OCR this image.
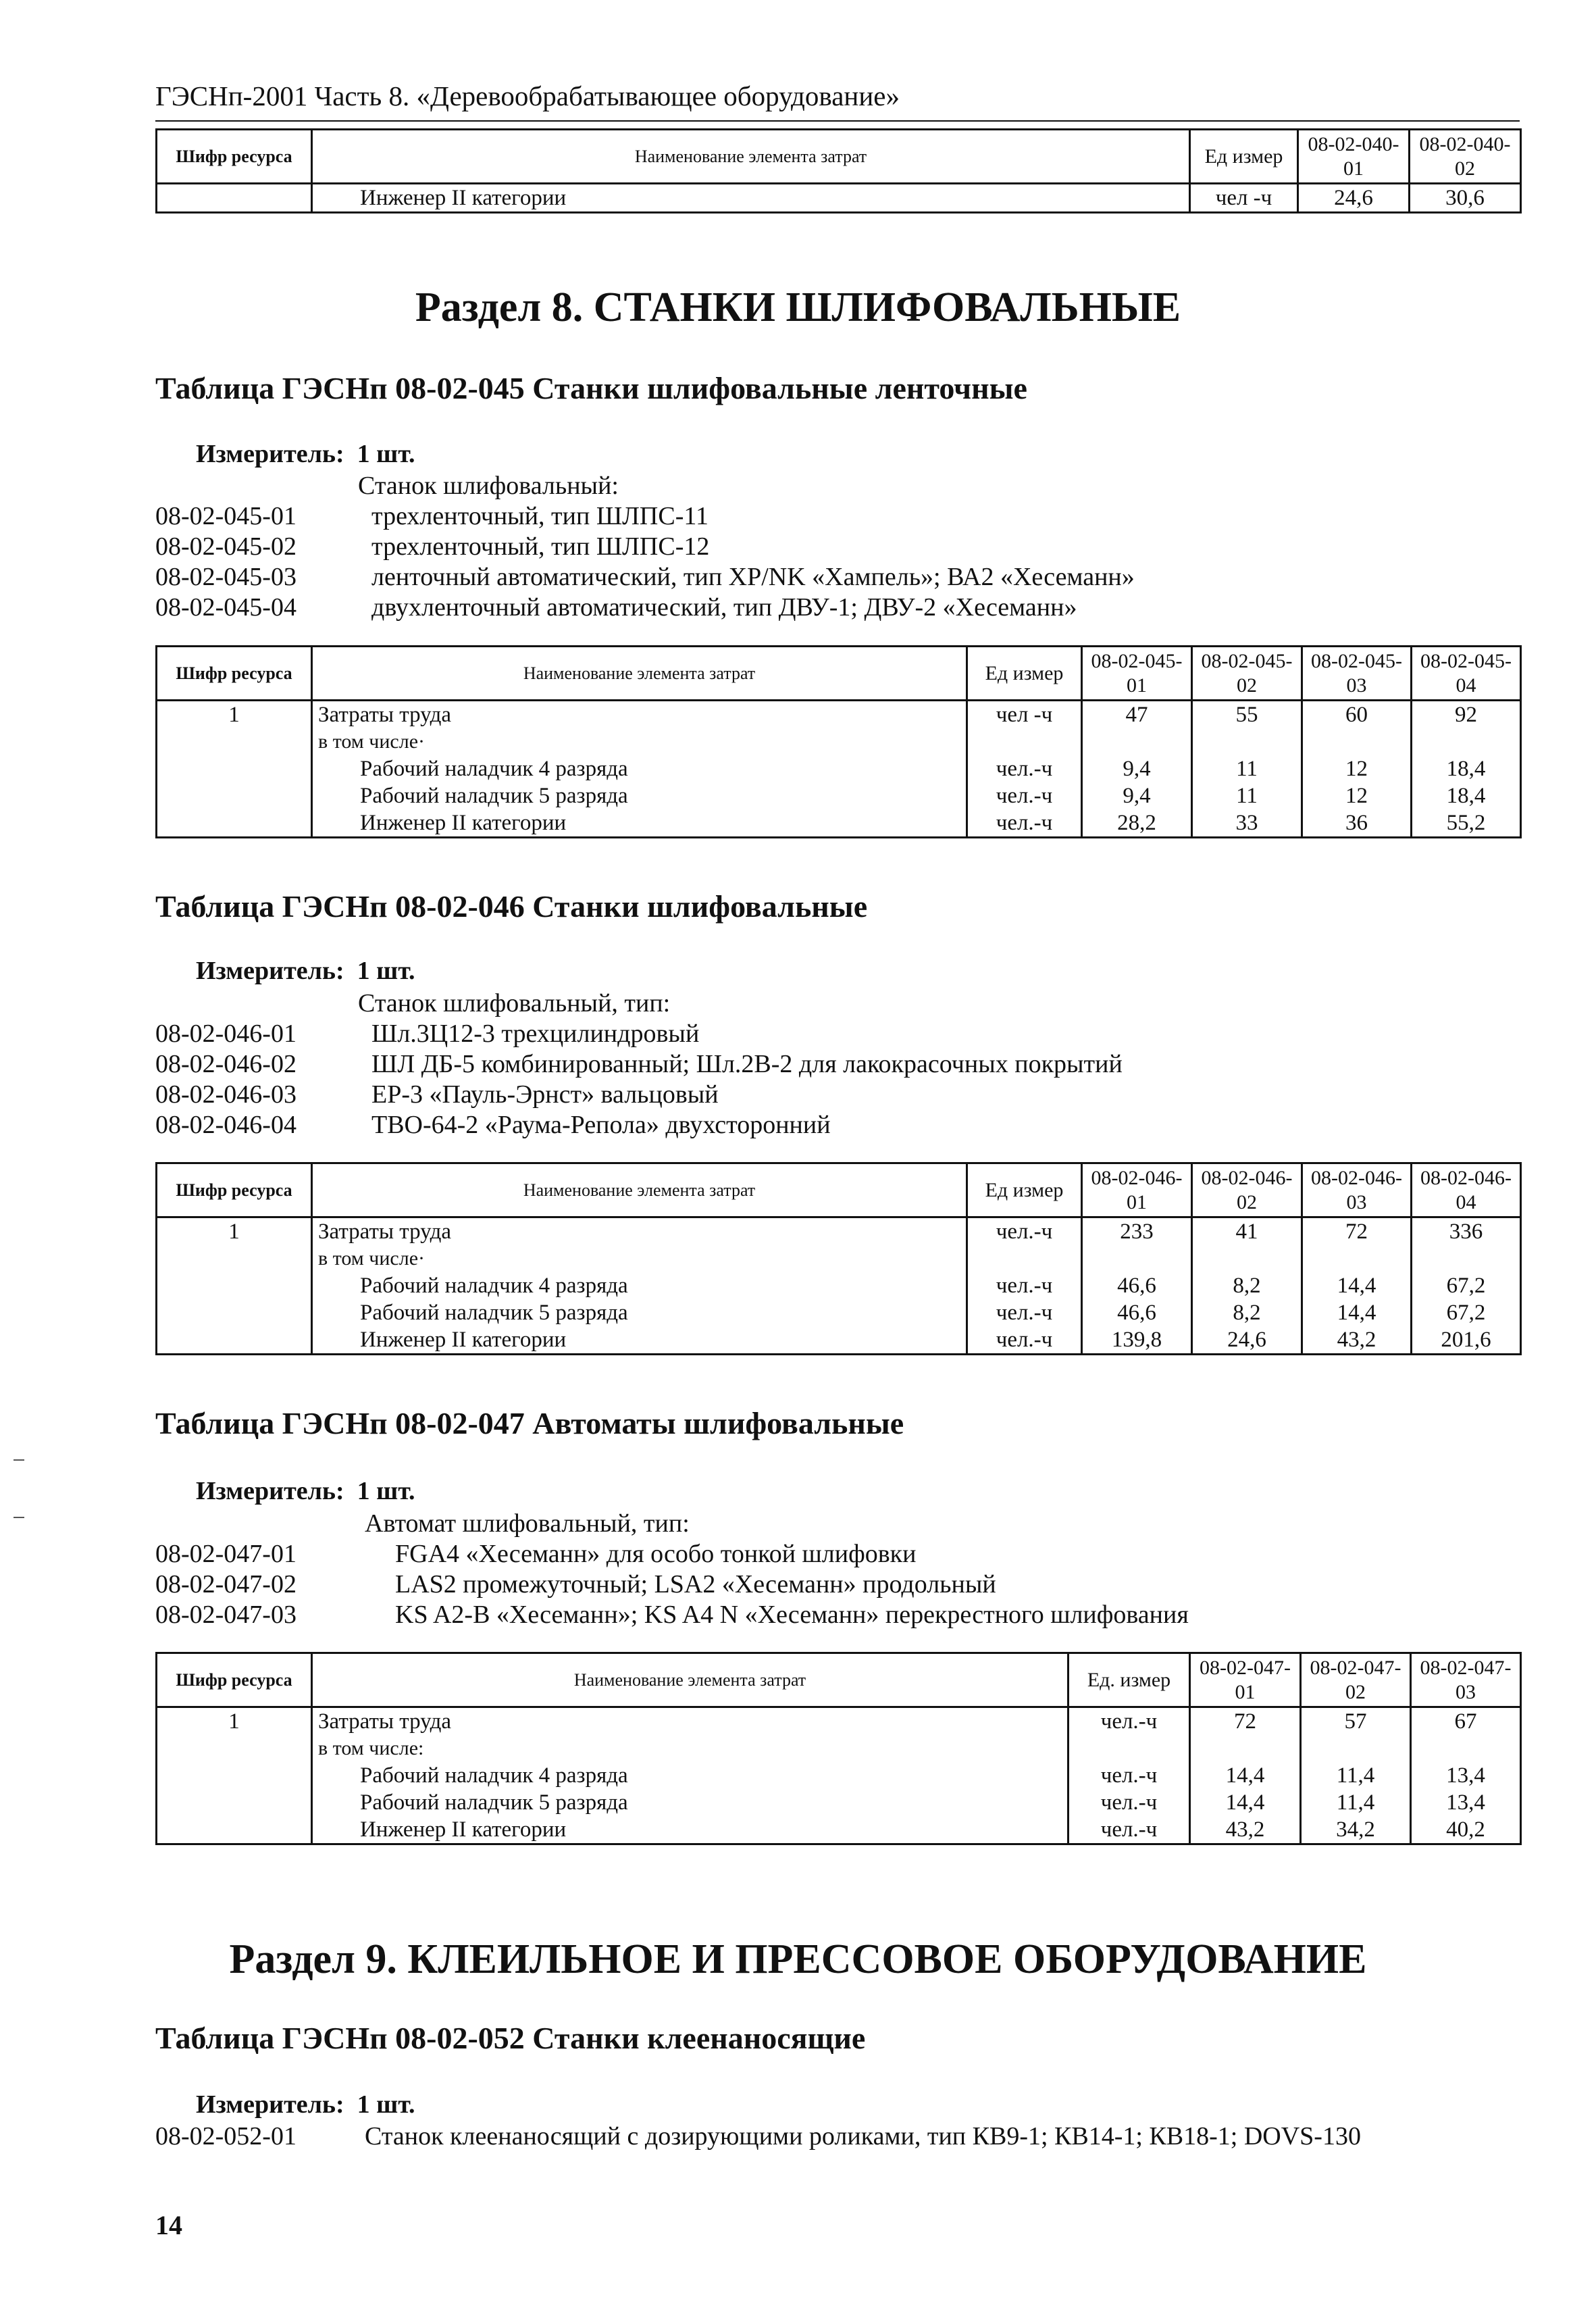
ГЭСНп-2001 Часть 8. «Деревообрабатывающее оборудование»
Шифр ресурса	Наименование элемента затрат	Ед измер	08-02-040-01	08-02-040-02
	Инженер II категории	чел -ч	24,6	30,6
Раздел 8. СТАНКИ ШЛИФОВАЛЬНЫЕ
Таблица ГЭСНп 08-02-045 Станки шлифовальные ленточные
Измеритель: 1 шт.
Станок шлифовальный:
08-02-045-01	трехленточный, тип ШЛПС-11
08-02-045-02	трехленточный, тип ШЛПС-12
08-02-045-03	ленточный автоматический, тип XP/NK «Хампель»; ВА2 «Хесеманн»
08-02-045-04	двухленточный автоматический, тип ДВУ-1; ДВУ-2 «Хесеманн»
Шифр ресурса	Наименование элемента затрат	Ед измер	08-02-045-01	08-02-045-02	08-02-045-03	08-02-045-04
1	Затраты труда	чел -ч	47	55	60	92
	в том числе·					
	Рабочий наладчик 4 разряда	чел.-ч	9,4	11	12	18,4
	Рабочий наладчик 5 разряда	чел.-ч	9,4	11	12	18,4
	Инженер II категории	чел.-ч	28,2	33	36	55,2
Таблица ГЭСНп 08-02-046 Станки шлифовальные
Измеритель: 1 шт.
Станок шлифовальный, тип:
08-02-046-01	Шл.3Ц12-3 трехцилиндровый
08-02-046-02	ШЛ ДБ-5 комбинированный; Шл.2В-2 для лакокрасочных покрытий
08-02-046-03	ЕР-3 «Пауль-Эрнст» вальцовый
08-02-046-04	ТВО-64-2 «Раума-Репола» двухсторонний
Шифр ресурса	Наименование элемента затрат	Ед измер	08-02-046-01	08-02-046-02	08-02-046-03	08-02-046-04
1	Затраты труда	чел.-ч	233	41	72	336
	в том числе·					
	Рабочий наладчик 4 разряда	чел.-ч	46,6	8,2	14,4	67,2
	Рабочий наладчик 5 разряда	чел.-ч	46,6	8,2	14,4	67,2
	Инженер II категории	чел.-ч	139,8	24,6	43,2	201,6
Таблица ГЭСНп 08-02-047 Автоматы шлифовальные
Измеритель: 1 шт.
Автомат шлифовальный, тип:
08-02-047-01	FGA4 «Хесеманн» для особо тонкой шлифовки
08-02-047-02	LAS2 промежуточный; LSA2 «Хесеманн» продольный
08-02-047-03	KS A2-B «Хесеманн»; KS A4 N «Хесеманн» перекрестного шлифования
Шифр ресурса	Наименование элемента затрат	Ед. измер	08-02-047-01	08-02-047-02	08-02-047-03
1	Затраты труда	чел.-ч	72	57	67
	в том числе:				
	Рабочий наладчик 4 разряда	чел.-ч	14,4	11,4	13,4
	Рабочий наладчик 5 разряда	чел.-ч	14,4	11,4	13,4
	Инженер II категории	чел.-ч	43,2	34,2	40,2
Раздел 9. КЛЕИЛЬНОЕ И ПРЕССОВОЕ ОБОРУДОВАНИЕ
Таблица ГЭСНп 08-02-052 Станки клеенаносящие
Измеритель: 1 шт.
08-02-052-01	Станок клеенаносящий с дозирующими роликами, тип КВ9-1; КВ14-1; КВ18-1; DOVS-130
14
